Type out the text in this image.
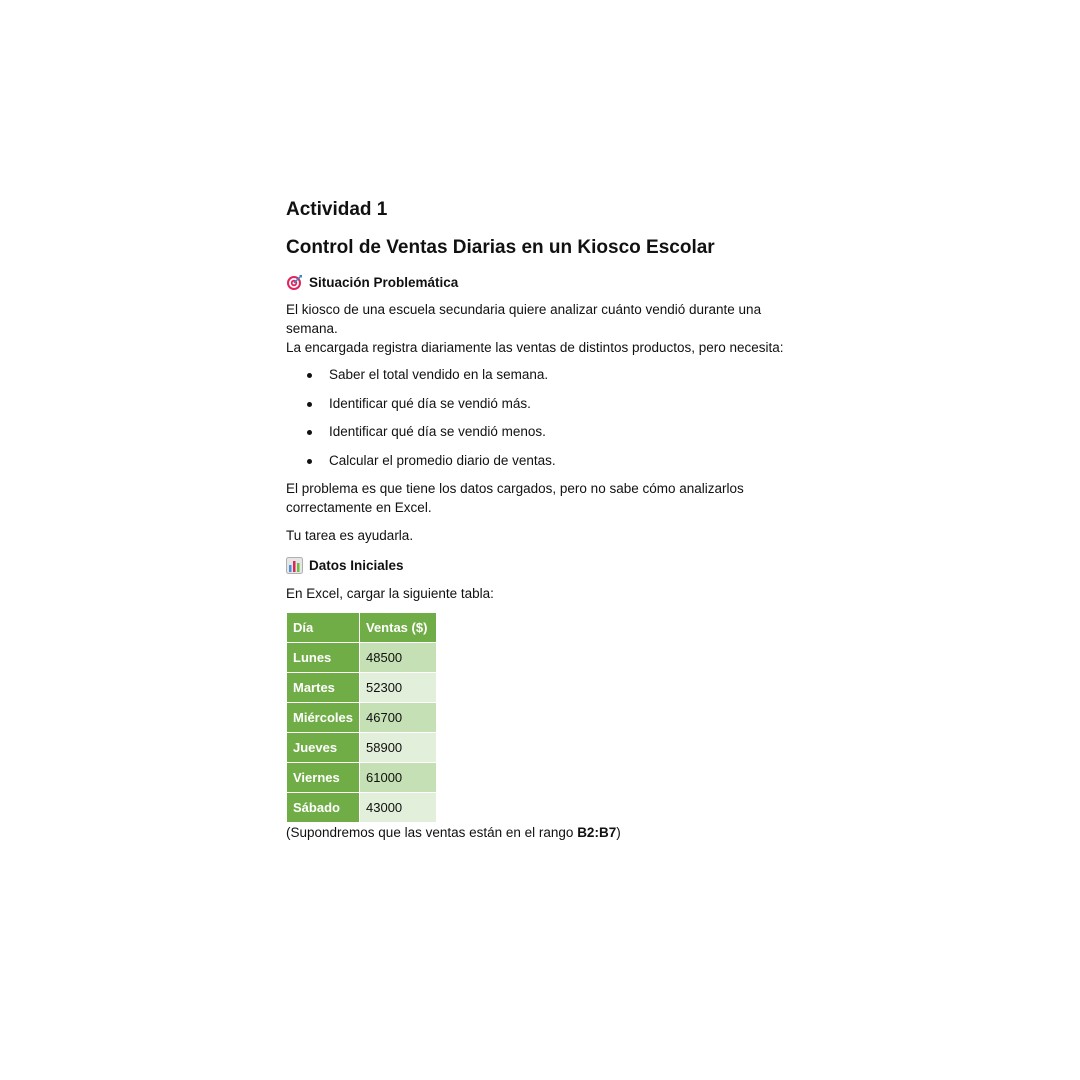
Actividad 1
Control de Ventas Diarias en un Kiosco Escolar
Situación Problemática

El kiosco de una escuela secundaria quiere analizar cuánto vendió durante una semana.
La encargada registra diariamente las ventas de distintos productos, pero necesita:

Saber el total vendido en la semana.
Identificar qué día se vendió más.
Identificar qué día se vendió menos.
Calcular el promedio diario de ventas.

El problema es que tiene los datos cargados, pero no sabe cómo analizarlos correctamente en Excel.

Tu tarea es ayudarla.

Datos Iniciales

En Excel, cargar la siguiente tabla:

Día	Ventas ($)
Lunes	48500
Martes	52300
Miércoles	46700
Jueves	58900
Viernes	61000
Sábado	43000

(Supondremos que las ventas están en el rango B2:B7)
